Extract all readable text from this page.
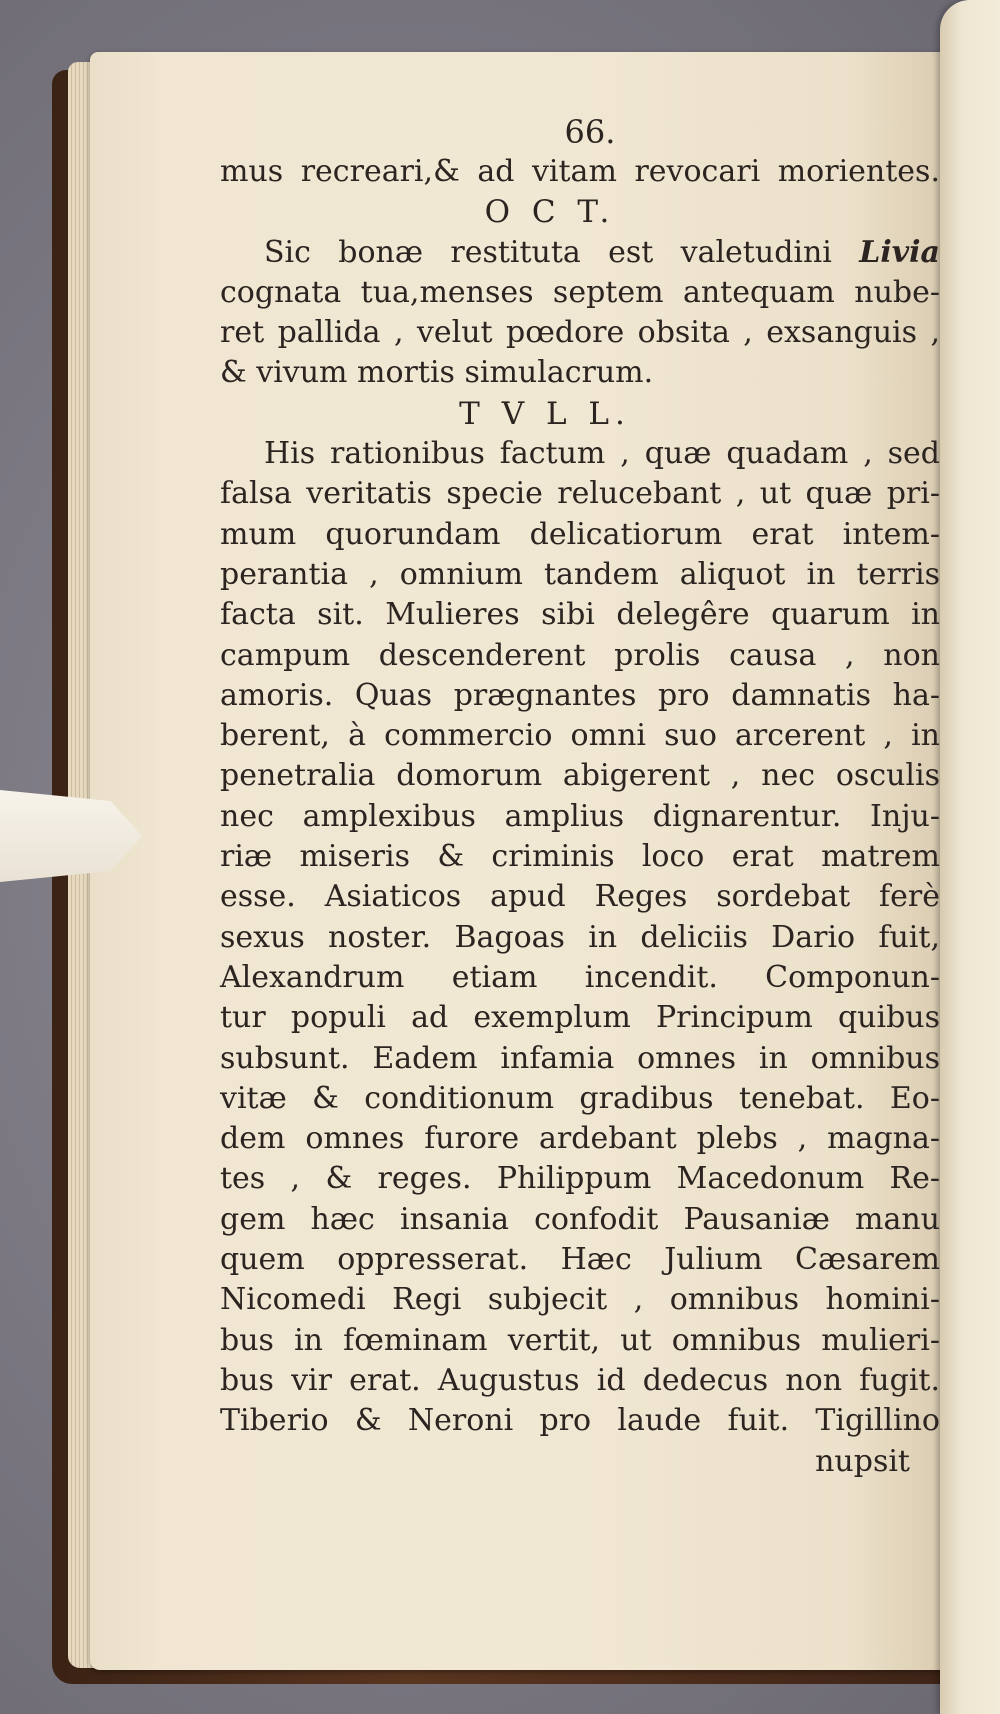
66.
mus recreari,& ad vitam revocari morientes.
O C T.
Sic bonæ restituta est valetudini Livia
cognata tua,menses septem antequam nube-
ret pallida , velut pœdore obsita , exsanguis ,
& vivum mortis simulacrum.
T V L L.
His rationibus factum , quæ quadam , sed
falsa veritatis specie relucebant , ut quæ pri-
mum quorundam delicatiorum erat intem-
perantia , omnium tandem aliquot in terris
facta sit. Mulieres sibi delegêre quarum in
campum descenderent prolis causa , non
amoris. Quas prægnantes pro damnatis ha-
berent, à commercio omni suo arcerent , in
penetralia domorum abigerent , nec osculis
nec amplexibus amplius dignarentur. Inju-
riæ miseris & criminis loco erat matrem
esse. Asiaticos apud Reges sordebat ferè
sexus noster. Bagoas in deliciis Dario fuit,
Alexandrum etiam incendit. Componun-
tur populi ad exemplum Principum quibus
subsunt. Eadem infamia omnes in omnibus
vitæ & conditionum gradibus tenebat. Eo-
dem omnes furore ardebant plebs , magna-
tes , & reges. Philippum Macedonum Re-
gem hæc insania confodit Pausaniæ manu
quem oppresserat. Hæc Julium Cæsarem
Nicomedi Regi subjecit , omnibus homini-
bus in fœminam vertit, ut omnibus mulieri-
bus vir erat. Augustus id dedecus non fugit.
Tiberio & Neroni pro laude fuit. Tigillino
nupsit
